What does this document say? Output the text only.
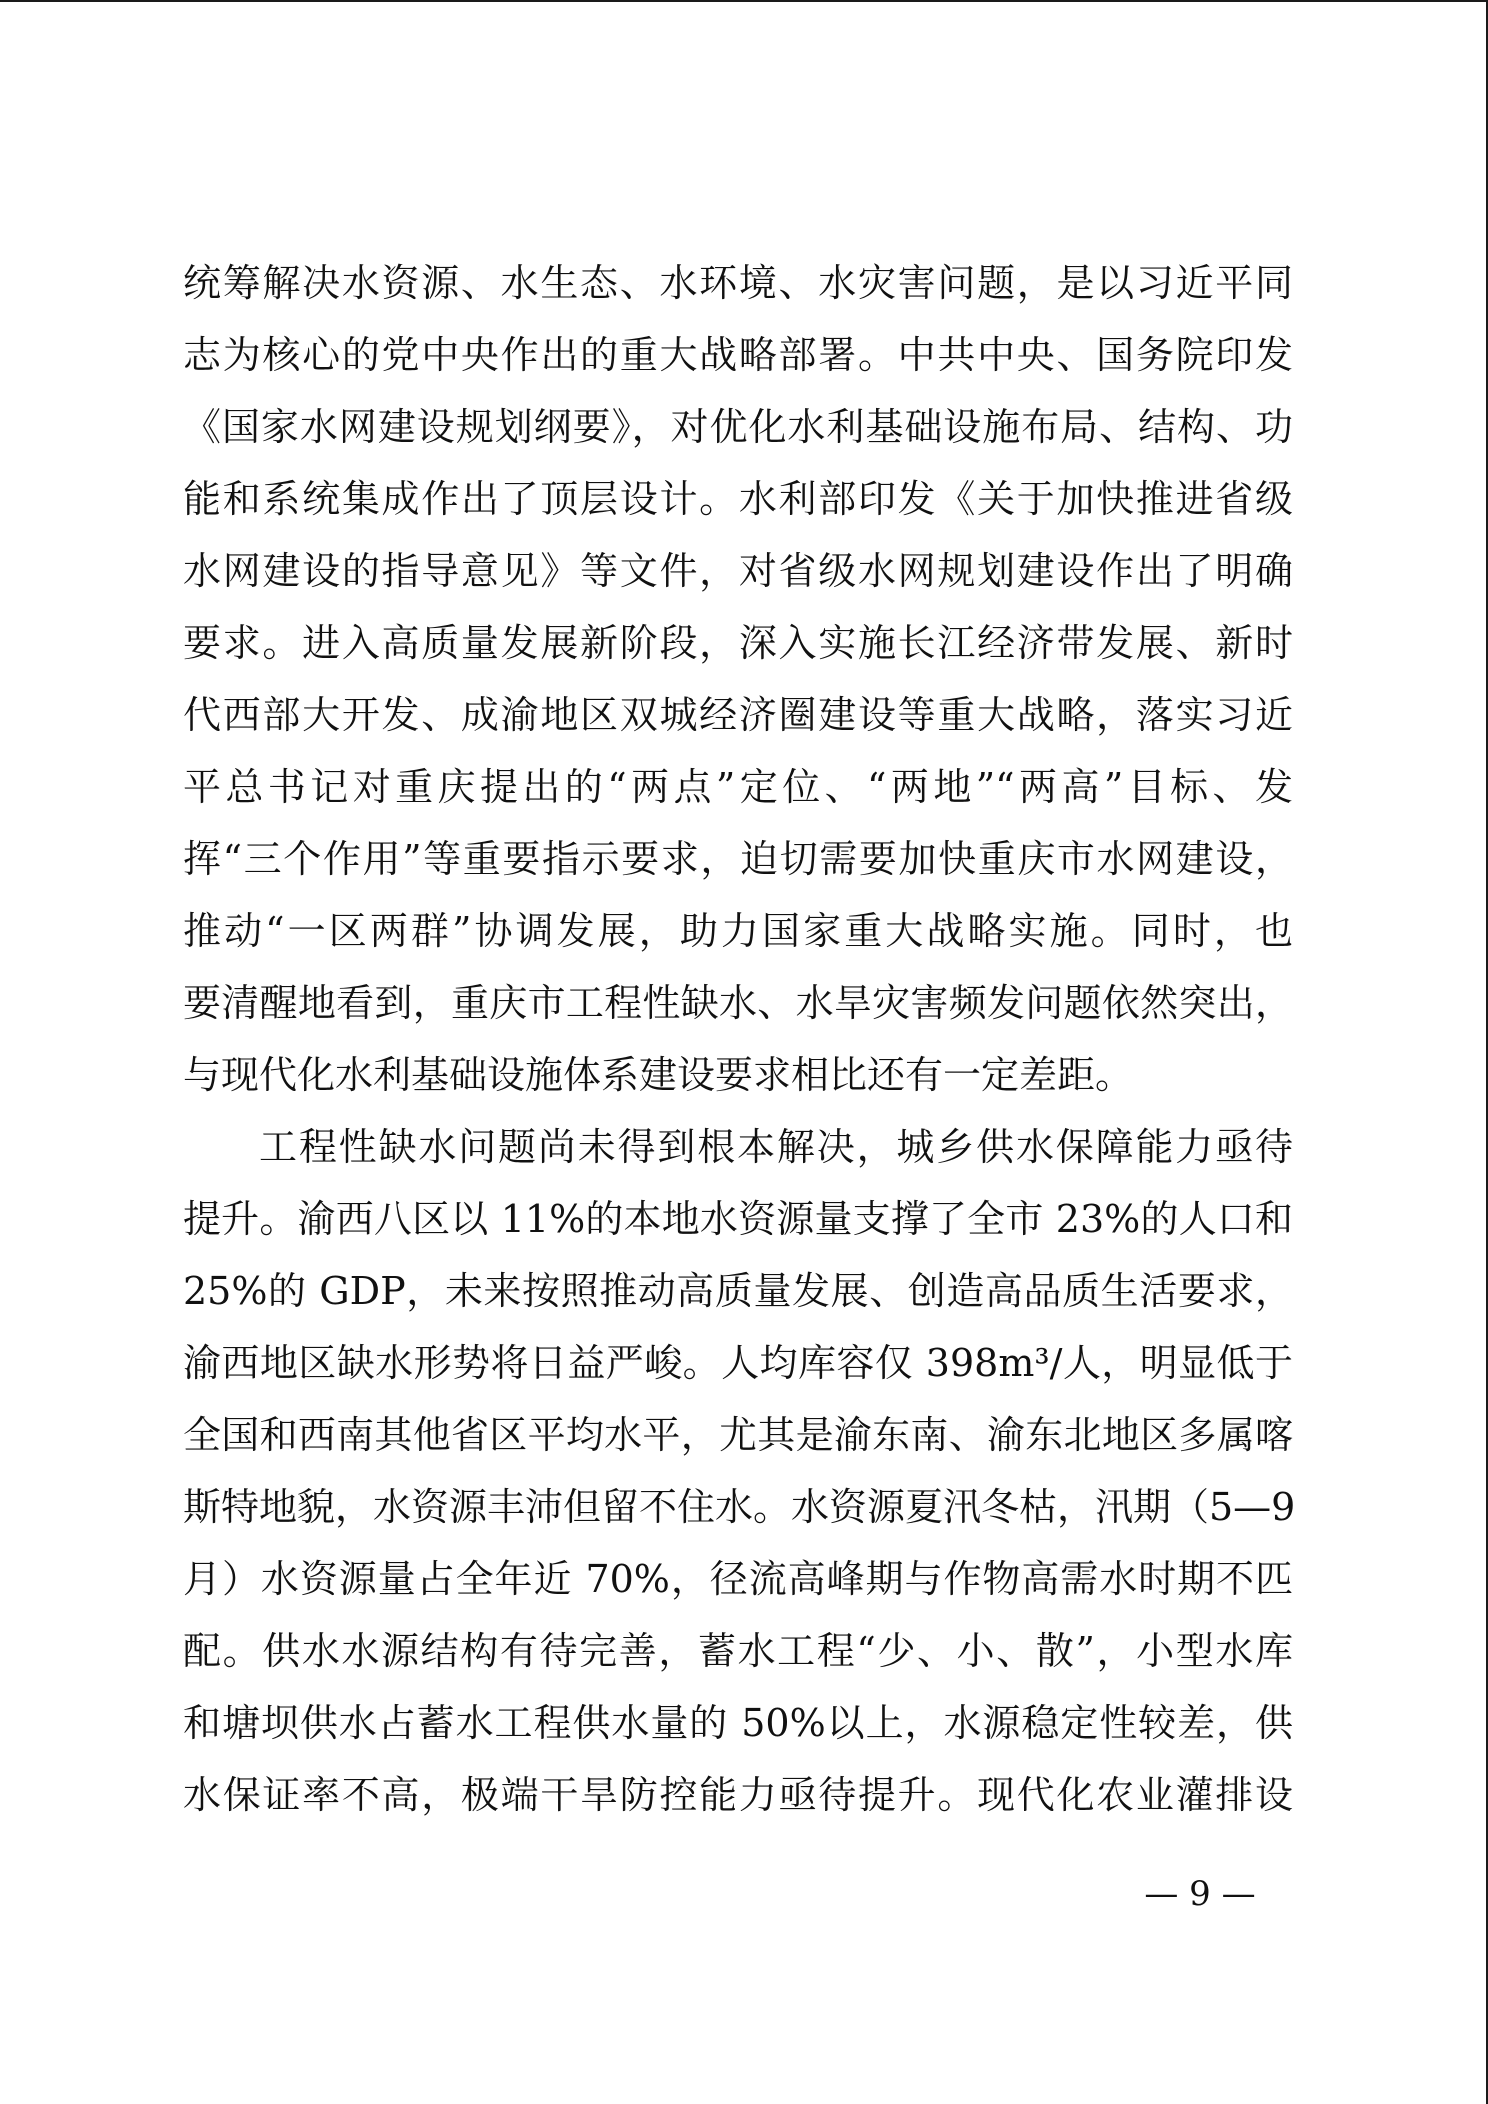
统筹解决水资源、水生态、水环境、水灾害问题，是以习近平同
志为核心的党中央作出的重大战略部署。中共中央、国务院印发
《国家水网建设规划纲要》，对优化水利基础设施布局、结构、功
能和系统集成作出了顶层设计。水利部印发《关于加快推进省级
水网建设的指导意见》等文件，对省级水网规划建设作出了明确
要求。进入高质量发展新阶段，深入实施长江经济带发展、新时
代西部大开发、成渝地区双城经济圈建设等重大战略，落实习近
平总书记对重庆提出的“两点”定位、“两地”“两高”目标、发
挥“三个作用”等重要指示要求，迫切需要加快重庆市水网建设，
推动“一区两群”协调发展，助力国家重大战略实施。同时，也
要清醒地看到，重庆市工程性缺水、水旱灾害频发问题依然突出，
与现代化水利基础设施体系建设要求相比还有一定差距。
工程性缺水问题尚未得到根本解决，城乡供水保障能力亟待
提升。渝西八区以 11%的本地水资源量支撑了全市 23%的人口和
25%的 GDP，未来按照推动高质量发展、创造高品质生活要求，
渝西地区缺水形势将日益严峻。人均库容仅 398m³/人，明显低于
全国和西南其他省区平均水平，尤其是渝东南、渝东北地区多属喀
斯特地貌，水资源丰沛但留不住水。水资源夏汛冬枯，汛期（5—9
月）水资源量占全年近 70%，径流高峰期与作物高需水时期不匹
配。供水水源结构有待完善，蓄水工程“少、小、散”，小型水库
和塘坝供水占蓄水工程供水量的 50%以上，水源稳定性较差，供
水保证率不高，极端干旱防控能力亟待提升。现代化农业灌排设
— 9 —
